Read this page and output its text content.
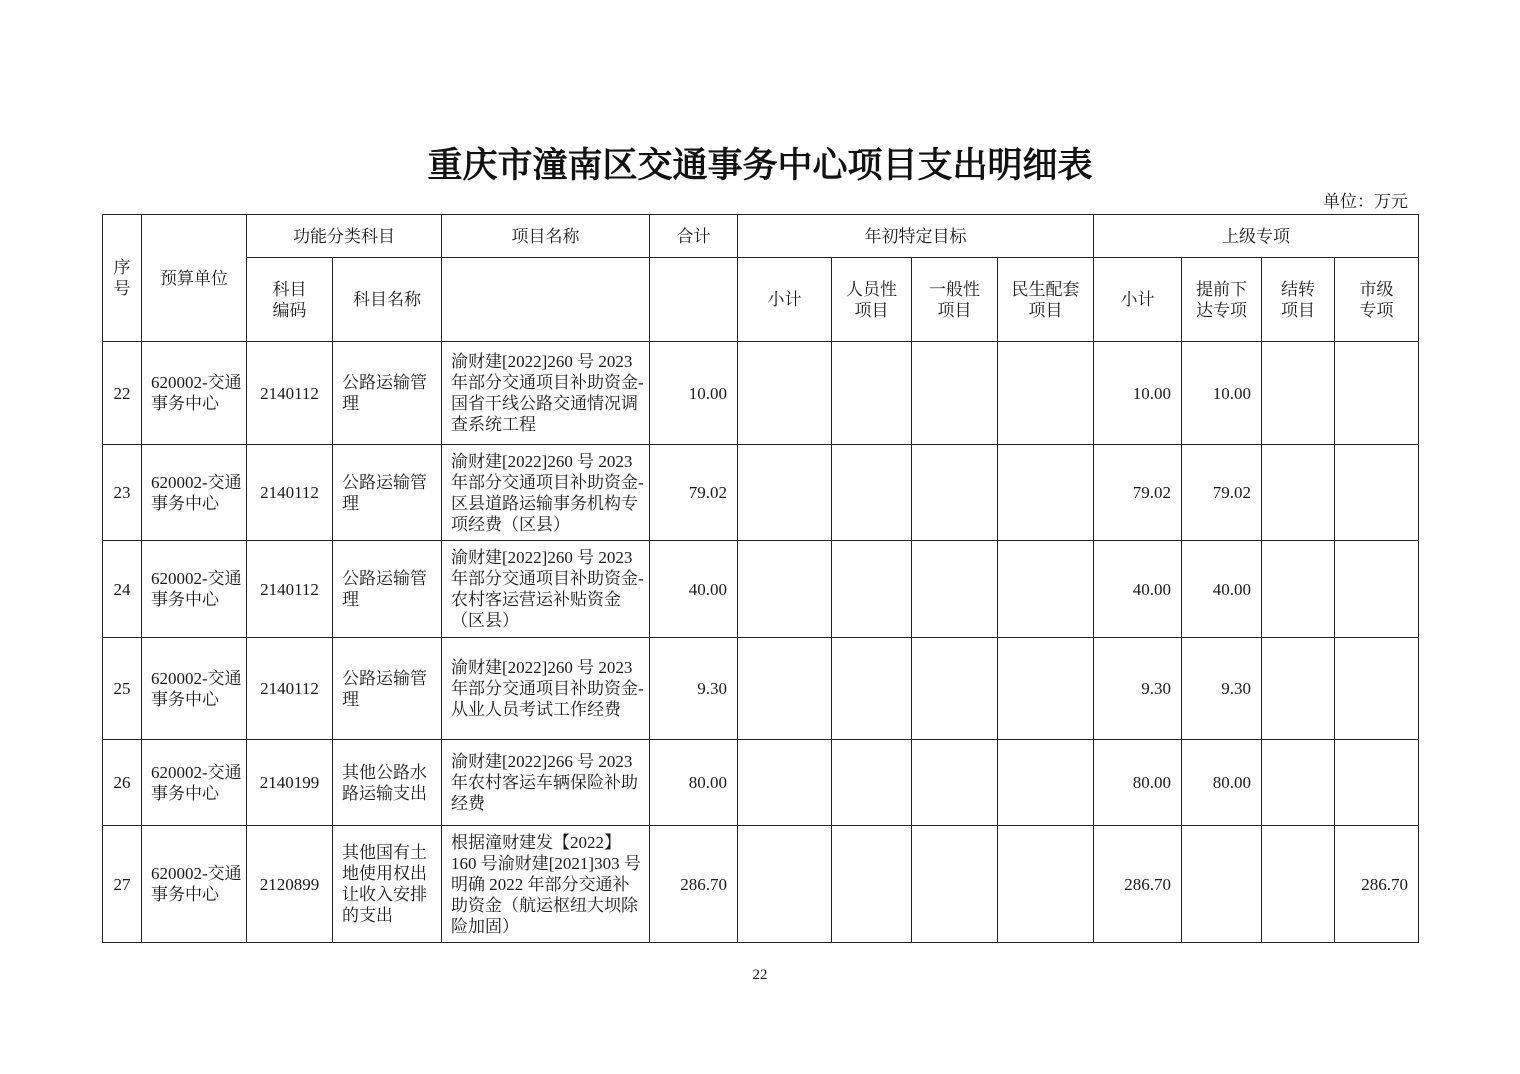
重庆市潼南区交通事务中心项目支出明细表
单位：万元
序号	预算单位	功能分类科目		项目名称	合计	年初特定目标				上级专项			

		科目编码	科目名称			小计	人员性项目	一般性项目	民生配套项目	小计	提前下达专项	结转项目	市级专项

22	620002-交通事务中心	2140112	公路运输管理	渝财建[2022]260 号 2023 年部分交通项目补助资金-国省干线公路交通情况调查系统工程	10.00					10.00	10.00		
23	620002-交通事务中心	2140112	公路运输管理	渝财建[2022]260 号 2023 年部分交通项目补助资金-区县道路运输事务机构专项经费（区县）	79.02					79.02	79.02		
24	620002-交通事务中心	2140112	公路运输管理	渝财建[2022]260 号 2023 年部分交通项目补助资金-农村客运营运补贴资金（区县）	40.00					40.00	40.00		
25	620002-交通事务中心	2140112	公路运输管理	渝财建[2022]260 号 2023 年部分交通项目补助资金-从业人员考试工作经费	9.30					9.30	9.30		
26	620002-交通事务中心	2140199	其他公路水路运输支出	渝财建[2022]266 号 2023 年农村客运车辆保险补助经费	80.00					80.00	80.00		
27	620002-交通事务中心	2120899	其他国有土地使用权出让收入安排的支出	根据潼财建发【2022】160 号渝财建[2021]303 号明确 2022 年部分交通补助资金（航运枢纽大坝除险加固）	286.70					286.70			286.70
22
